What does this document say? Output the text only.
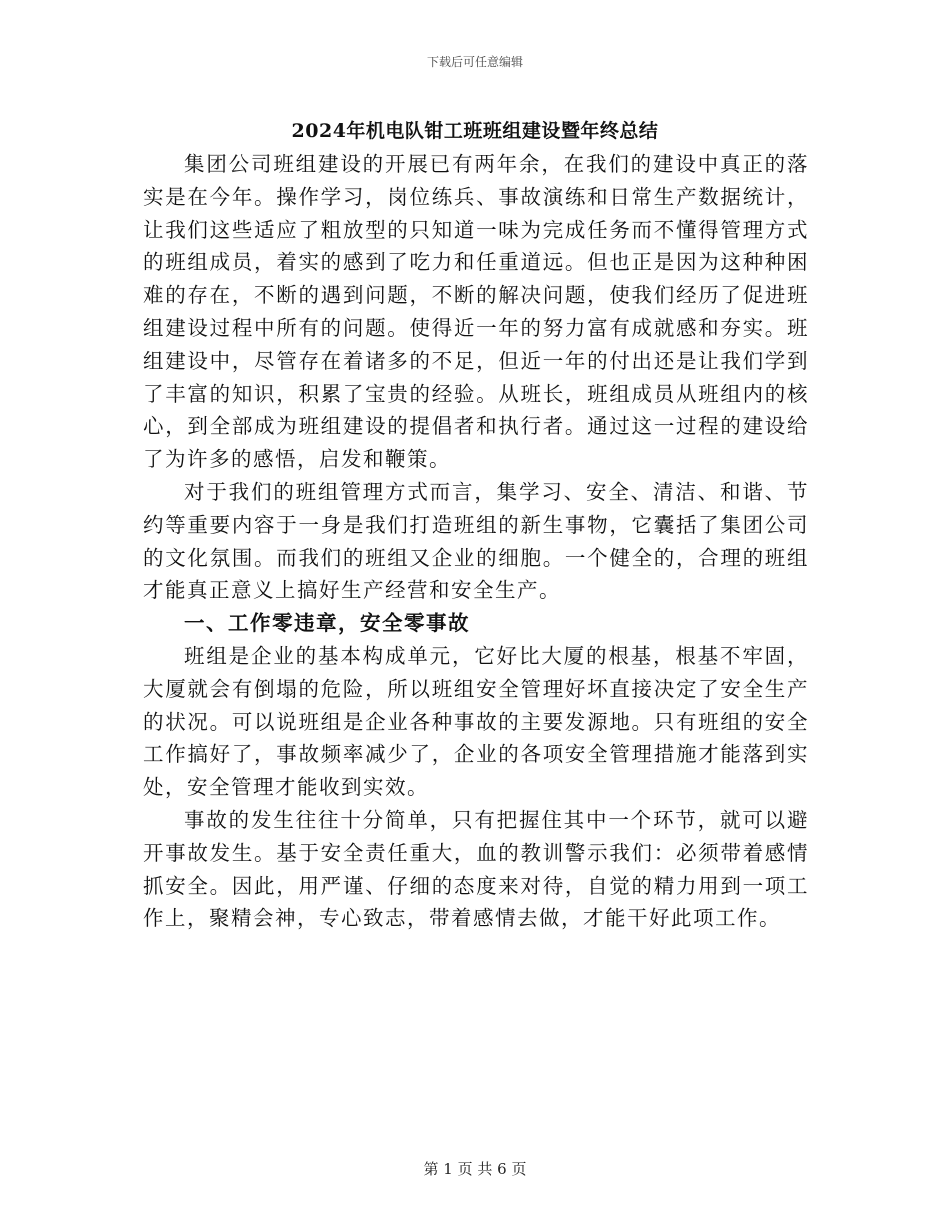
下载后可任意编辑
2024年机电队钳工班班组建设暨年终总结

集团公司班组建设的开展已有两年余，在我们的建设中真正的落实是在今年。操作学习，岗位练兵、事故演练和日常生产数据统计，让我们这些适应了粗放型的只知道一味为完成任务而不懂得管理方式的班组成员，着实的感到了吃力和任重道远。但也正是因为这种种困难的存在，不断的遇到问题，不断的解决问题，使我们经历了促进班组建设过程中所有的问题。使得近一年的努力富有成就感和夯实。班组建设中，尽管存在着诸多的不足，但近一年的付出还是让我们学到了丰富的知识，积累了宝贵的经验。从班长，班组成员从班组内的核心，到全部成为班组建设的提倡者和执行者。通过这一过程的建设给了为许多的感悟，启发和鞭策。

对于我们的班组管理方式而言，集学习、安全、清洁、和谐、节约等重要内容于一身是我们打造班组的新生事物，它囊括了集团公司的文化氛围。而我们的班组又企业的细胞。一个健全的，合理的班组才能真正意义上搞好生产经营和安全生产。

一、工作零违章，安全零事故

班组是企业的基本构成单元，它好比大厦的根基，根基不牢固，大厦就会有倒塌的危险，所以班组安全管理好坏直接决定了安全生产的状况。可以说班组是企业各种事故的主要发源地。只有班组的安全工作搞好了，事故频率减少了，企业的各项安全管理措施才能落到实处，安全管理才能收到实效。

事故的发生往往十分简单，只有把握住其中一个环节，就可以避开事故发生。基于安全责任重大，血的教训警示我们：必须带着感情抓安全。因此，用严谨、仔细的态度来对待，自觉的精力用到一项工作上，聚精会神，专心致志，带着感情去做，才能干好此项工作。

第 1 页 共 6 页
